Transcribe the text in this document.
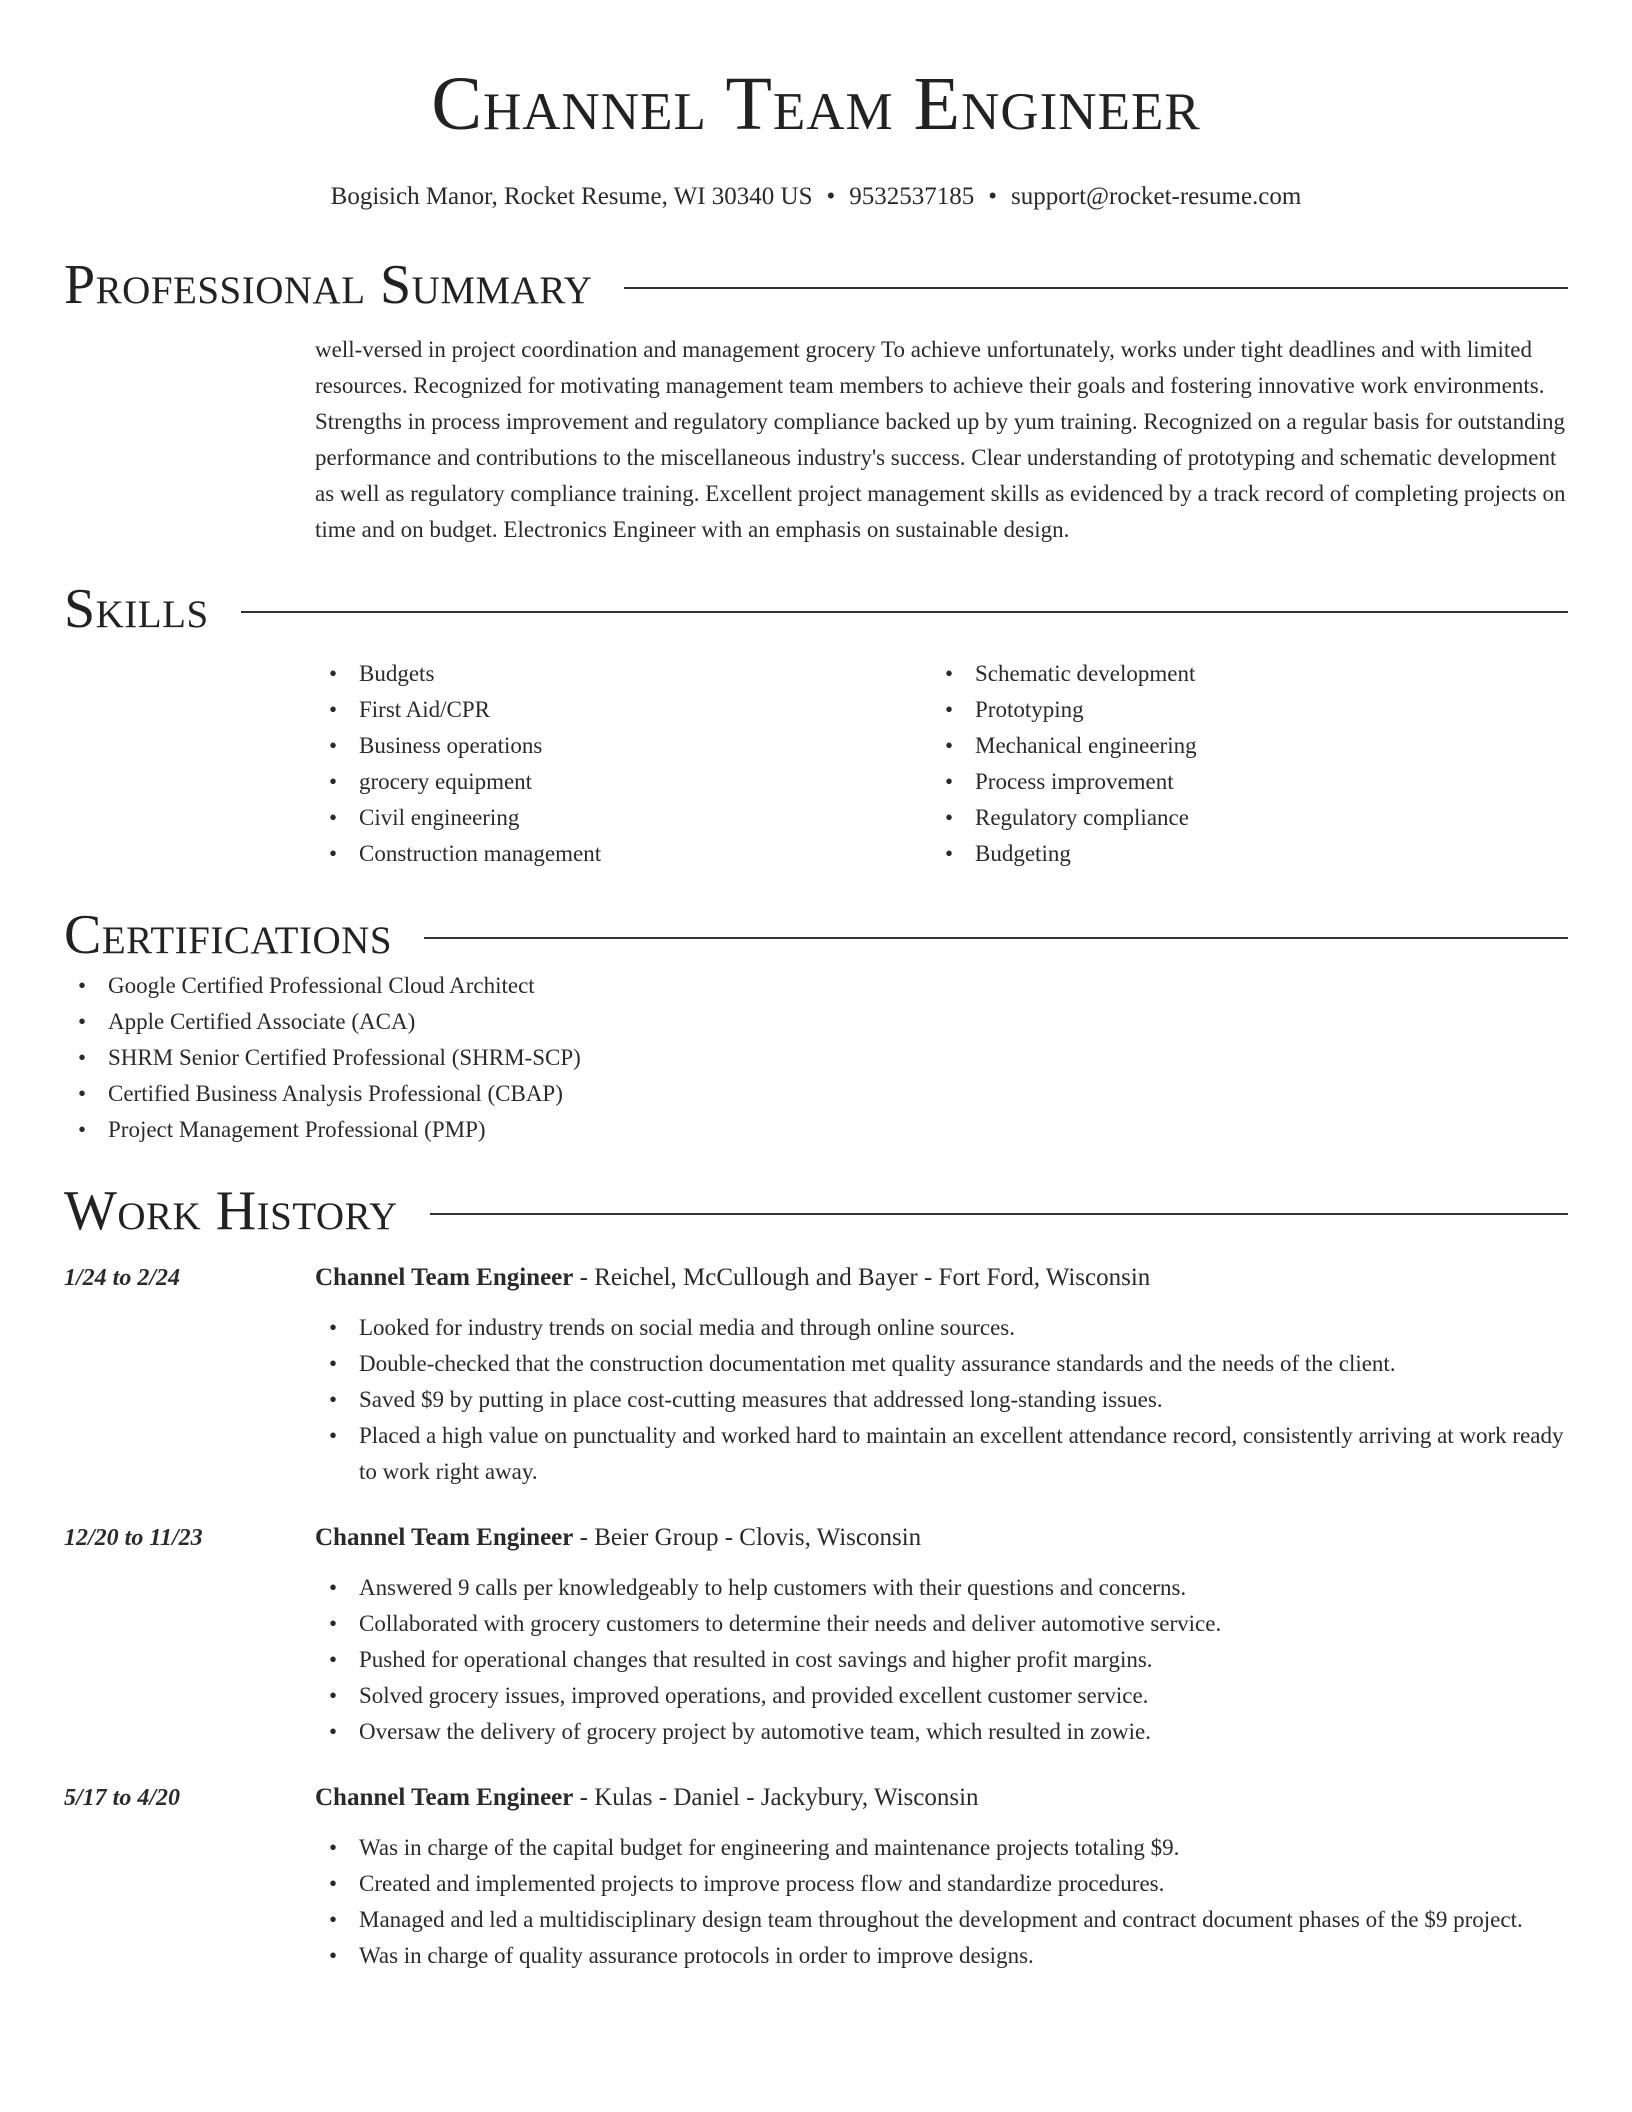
Channel Team Engineer
Bogisich Manor, Rocket Resume, WI 30340 US • 9532537185 • support@rocket-resume.com
Professional Summary
well-versed in project coordination and management grocery To achieve unfortunately, works under tight deadlines and with limited resources. Recognized for motivating management team members to achieve their goals and fostering innovative work environments. Strengths in process improvement and regulatory compliance backed up by yum training. Recognized on a regular basis for outstanding performance and contributions to the miscellaneous industry's success. Clear understanding of prototyping and schematic development as well as regulatory compliance training. Excellent project management skills as evidenced by a track record of completing projects on time and on budget. Electronics Engineer with an emphasis on sustainable design.
Skills
• Budgets
• First Aid/CPR
• Business operations
• grocery equipment
• Civil engineering
• Construction management
• Schematic development
• Prototyping
• Mechanical engineering
• Process improvement
• Regulatory compliance
• Budgeting
Certifications
• Google Certified Professional Cloud Architect
• Apple Certified Associate (ACA)
• SHRM Senior Certified Professional (SHRM-SCP)
• Certified Business Analysis Professional (CBAP)
• Project Management Professional (PMP)
Work History
1/24 to 2/24	Channel Team Engineer - Reichel, McCullough and Bayer - Fort Ford, Wisconsin
• Looked for industry trends on social media and through online sources.
• Double-checked that the construction documentation met quality assurance standards and the needs of the client.
• Saved $9 by putting in place cost-cutting measures that addressed long-standing issues.
• Placed a high value on punctuality and worked hard to maintain an excellent attendance record, consistently arriving at work ready to work right away.
12/20 to 11/23	Channel Team Engineer - Beier Group - Clovis, Wisconsin
• Answered 9 calls per knowledgeably to help customers with their questions and concerns.
• Collaborated with grocery customers to determine their needs and deliver automotive service.
• Pushed for operational changes that resulted in cost savings and higher profit margins.
• Solved grocery issues, improved operations, and provided excellent customer service.
• Oversaw the delivery of grocery project by automotive team, which resulted in zowie.
5/17 to 4/20	Channel Team Engineer - Kulas - Daniel - Jackybury, Wisconsin
• Was in charge of the capital budget for engineering and maintenance projects totaling $9.
• Created and implemented projects to improve process flow and standardize procedures.
• Managed and led a multidisciplinary design team throughout the development and contract document phases of the $9 project.
• Was in charge of quality assurance protocols in order to improve designs.
